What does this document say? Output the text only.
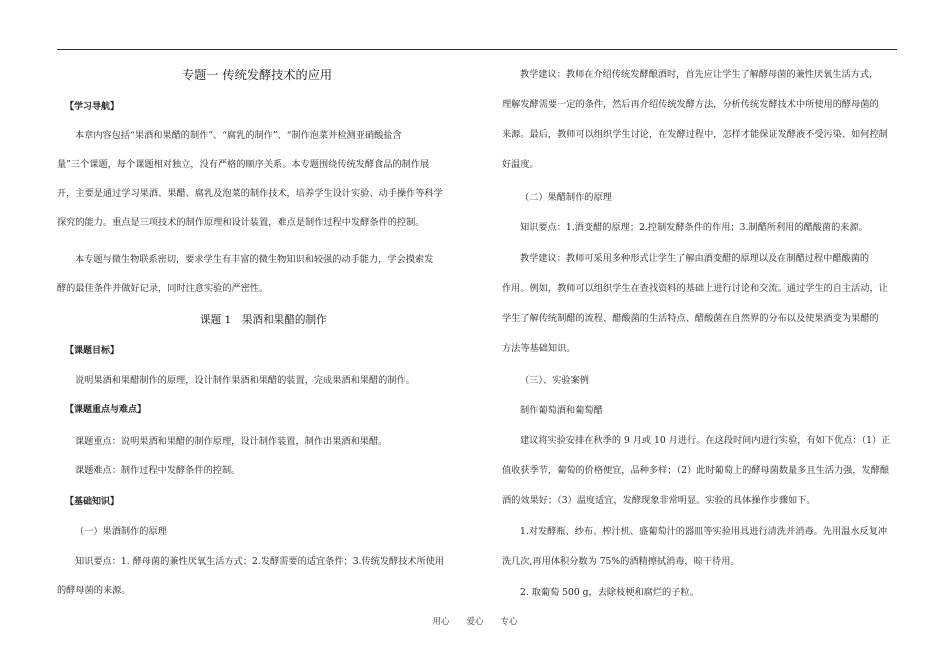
专题一 传统发酵技术的应用
【学习导航】
本章内容包括“果酒和果醋的制作”、“腐乳的制作”、“制作泡菜并检测亚硝酸盐含
量”三个课题，每个课题相对独立，没有严格的顺序关系。本专题围绕传统发酵食品的制作展
开，主要是通过学习果酒、果醋、腐乳及泡菜的制作技术，培养学生设计实验、动手操作等科学
探究的能力。重点是三项技术的制作原理和设计装置，难点是制作过程中发酵条件的控制。
本专题与微生物联系密切，要求学生有丰富的微生物知识和较强的动手能力，学会摸索发
酵的最佳条件并做好记录，同时注意实验的严密性。
课题 1　果酒和果醋的制作
【课题目标】
说明果酒和果醋制作的原理，设计制作果酒和果醋的装置，完成果酒和果醋的制作。
【课题重点与难点】
课题重点：说明果酒和果醋的制作原理，设计制作装置，制作出果酒和果醋。
课题难点：制作过程中发酵条件的控制。
【基础知识】
（一）果酒制作的原理
知识要点：1. 酵母菌的兼性厌氧生活方式；2.发酵需要的适宜条件；3.传统发酵技术所使用
的酵母菌的来源。
教学建议：教师在介绍传统发酵酿酒时，首先应让学生了解酵母菌的兼性厌氧生活方式，
理解发酵需要一定的条件，然后再介绍传统发酵方法，分析传统发酵技术中所使用的酵母菌的
来源。最后，教师可以组织学生讨论，在发酵过程中，怎样才能保证发酵液不受污染、如何控制
好温度。
（二）果醋制作的原理
知识要点：1.酒变醋的原理；2.控制发酵条件的作用；3.制醋所利用的醋酸菌的来源。
教学建议：教师可采用多种形式让学生了解由酒变醋的原理以及在制醋过程中醋酸菌的
作用。例如，教师可以组织学生在查找资料的基础上进行讨论和交流。通过学生的自主活动，让
学生了解传统制醋的流程、醋酸菌的生活特点、醋酸菌在自然界的分布以及使果酒变为果醋的
方法等基础知识。
（三）、实验案例
制作葡萄酒和葡萄醋
建议将实验安排在秋季的 9 月或 10 月进行。在这段时间内进行实验，有如下优点：（1）正
值收获季节，葡萄的价格便宜，品种多样；（2）此时葡萄上的酵母菌数量多且生活力强，发酵酿
酒的效果好；（3）温度适宜，发酵现象非常明显。实验的具体操作步骤如下。
1.对发酵瓶、纱布、榨汁机、盛葡萄汁的器皿等实验用具进行清洗并消毒。先用温水反复冲
洗几次,再用体积分数为 75%的酒精擦拭消毒，晾干待用。
2. 取葡萄 500 g，去除枝梗和腐烂的子粒。
用心　　爱心　　专心
